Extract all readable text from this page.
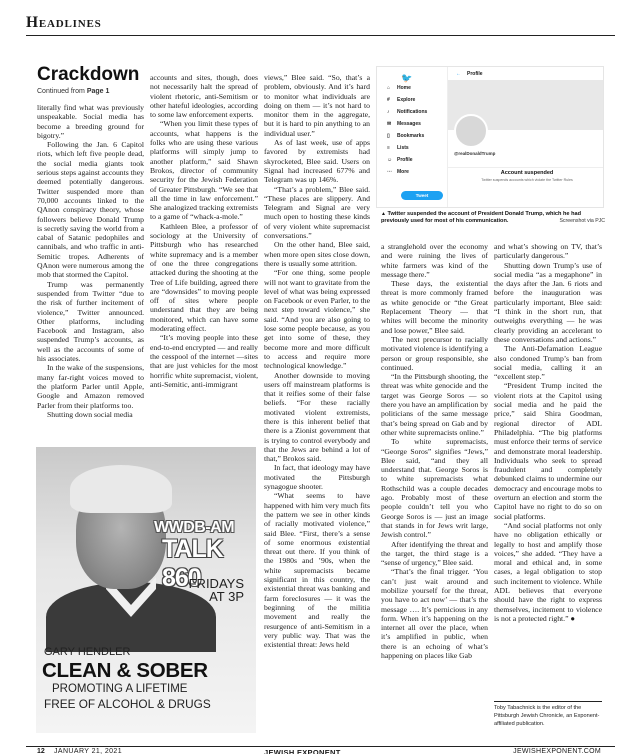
Headlines
Crackdown
Continued from Page 1

literally find what was previously unspeakable. Social media has become a breeding ground for bigotry.”

Following the Jan. 6 Capitol riots, which left five people dead, the social media giants took serious steps against accounts they deemed potentially dangerous. Twitter suspended more than 70,000 accounts linked to the QAnon conspiracy theory, whose followers believe Donald Trump is secretly saving the world from a cabal of Satanic pedophiles and cannibals, and who traffic in anti-Semitic tropes. Adherents of QAnon were numerous among the mob that stormed the Capitol.

Trump was permanently suspended from Twitter “due to the risk of further incitement of violence,” Twitter announced. Other platforms, including Facebook and Instagram, also suspended Trump’s accounts, as well as the accounts of some of his associates.

In the wake of the suspensions, many far-right voices moved to the platform Parler until Apple, Google and Amazon removed Parler from their platforms too.

Shutting down social media

accounts and sites, though, does not necessarily halt the spread of violent rhetoric, anti-Semitism or other hateful ideologies, according to some law enforcement experts.

“When you limit these types of accounts, what happens is the folks who are using these various platforms will simply jump to another platform,” said Shawn Brokos, director of community security for the Jewish Federation of Greater Pittsburgh. “We see that all the time in law enforcement.” She analogized tracking extremists to a game of “whack-a-mole.”

Kathleen Blee, a professor of sociology at the University of Pittsburgh who has researched white supremacy and is a member of one the three congregations attacked during the shooting at the Tree of Life building, agreed there are “downsides” to moving people off of sites where people understand that they are being monitored, which can have some moderating effect.

“It’s moving people into these end-to-end encrypted — and really the cesspool of the internet —sites that are just vehicles for the most horrific white supremacist, violent, anti-Semitic, anti-immigrant

views,” Blee said. “So, that’s a problem, obviously. And it’s hard to monitor what individuals are doing on them — it’s not hard to monitor them in the aggregate, but it is hard to pin anything to an individual user.”

As of last week, use of apps favored by extremists had skyrocketed, Blee said. Users on Signal had increased 677% and Telegram was up 146%.

“That’s a problem,” Blee said. “These places are slippery. And Telegram and Signal are very much open to hosting these kinds of very violent white supremacist conversations.”

On the other hand, Blee said, when more open sites close down, there is usually some attrition.

“For one thing, some people will not want to gravitate from the level of what was being expressed on Facebook or even Parler, to the next step toward violence,” she said. “And you are also going to lose some people because, as you get into some of these, they become more and more difficult to access and require more technological knowledge.”

Another downside to moving users off mainstream platforms is that it reifies some of their false beliefs. “For these racially motivated violent extremists, there is this inherent belief that there is a Zionist government that is trying to control everybody and that the Jews are behind a lot of that,” Brokos said.

In fact, that ideology may have motivated the Pittsburgh synagogue shooter.

“What seems to have happened with him very much fits the pattern we see in other kinds of racially motivated violence,” said Blee. “First, there’s a sense of some enormous existential threat out there. If you think of the 1980s and ’90s, when the white supremacists became significant in this country, the existential threat was banking and farm foreclosures — it was the beginning of the militia movement and really the resurgence of anti-Semitism in a very public way. That was the existential threat: Jews held

a stranglehold over the economy and were ruining the lives of white farmers was kind of the message there.”

These days, the existential threat is more commonly framed as white genocide or “the Great Replacement Theory — that whites will become the minority and lose power,” Blee said.

The next precursor to racially motivated violence is identifying a person or group responsible, she continued.

“In the Pittsburgh shooting, the threat was white genocide and the target was George Soros — so there you have an amplification by politicians of the same message that’s being spread on Gab and by other white supremacists online.”

To white supremacists, “George Soros” signifies “Jews,” Blee said, “and they all understand that. George Soros is to white supremacists what Rothschild was a couple decades ago. Probably most of these people couldn’t tell you who George Soros is — just an image that stands in for Jews writ large, Jewish control.”

After identifying the threat and the target, the third stage is a “sense of urgency,” Blee said.

“That’s the final trigger. ‘You can’t just wait around and mobilize yourself for the threat, you have to act now’ — that’s the message …. It’s pernicious in any form. When it’s happening on the internet all over the place, when it’s amplified in public, when there is an echoing of what’s happening on places like Gab

and what’s showing on TV, that’s particularly dangerous.”

Shutting down Trump’s use of social media “as a megaphone” in the days after the Jan. 6 riots and before the inauguration was particularly important, Blee said: “I think in the short run, that outweighs everything — he was clearly providing an accelerant to these conversations and actions.”

The Anti-Defamation League also condoned Trump’s ban from social media, calling it an “excellent step.”

“President Trump incited the violent riots at the Capitol using social media and he paid the price,” said Shira Goodman, regional director of ADL Philadelphia. “The big platforms must enforce their terms of service and demonstrate moral leadership. Individuals who seek to spread fraudulent and completely debunked claims to undermine our democracy and encourage mobs to overturn an election and storm the Capitol have no right to do so on social platforms.

“And social platforms not only have no obligation ethically or legally to host and amplify those voices,” she added. “They have a moral and ethical and, in some cases, a legal obligation to stop such incitement to violence. While ADL believes that everyone should have the right to express themselves, incitement to violence is not a protected right.” ●

🐦
⌂	Home
#	Explore
♪	Notifications
✉	Messages
▯	Bookmarks
≡	Lists
☺ Profile
⋯ More
Tweet
← Profile
@realDonaldTrump
Account suspended
Twitter suspends accounts which violate the Twitter Rules
▲ Twitter suspended the account of President Donald Trump, which he had previously used for most of his communication.	Screenshot via PJC
WWDB-AM
TALK 860
FRIDAYS
AT 3P
GARY HENDLER
CLEAN & SOBER
PROMOTING A LIFETIME
FREE OF ALCOHOL & DRUGS	Toby Tabachnick is the editor of the Pittsburgh Jewish Chronicle, an Exponent-affiliated publication.
12 JANUARY 21, 2021	JEWISH EXPONENT	JEWISHEXPONENT.COM
